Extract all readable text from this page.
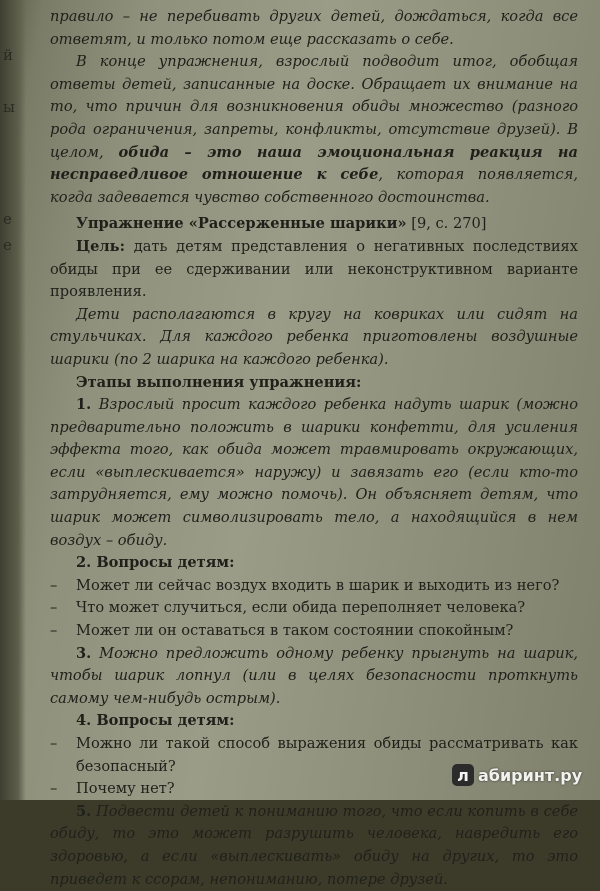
й
ы
е
е

правило – не перебивать других детей, дождаться, когда все ответят, и только потом еще рассказать о себе.

В конце упражнения, взрослый подводит итог, обобщая ответы детей, записанные на доске. Обращает их внимание на то, что причин для возникновения обиды множество (разного рода ограничения, запреты, конфликты, отсутствие друзей). В целом, обида – это наша эмоциональная реакция на несправедливое отношение к себе, которая появляется, когда задевается чувство собственного достоинства.

Упражнение «Рассерженные шарики» [9, с. 270]

Цель: дать детям представления о негативных последствиях обиды при ее сдерживании или неконструктивном варианте проявления.

Дети располагаются в кругу на ковриках или сидят на стульчиках. Для каждого ребенка приготовлены воздушные шарики (по 2 шарика на каждого ребенка).

Этапы выполнения упражнения:

1. Взрослый просит каждого ребенка надуть шарик (можно предварительно положить в шарики конфетти, для усиления эффекта того, как обида может травмировать окружающих, если «выплескивается» наружу) и завязать его (если кто-то затрудняется, ему можно помочь). Он объясняет детям, что шарик может символизировать тело, а находящийся в нем воздух – обиду.

2. Вопросы детям:

–	Может ли сейчас воздух входить в шарик и выходить из него?
–	Что может случиться, если обида переполняет человека?
–	Может ли он оставаться в таком состоянии спокойным?

3. Можно предложить одному ребенку прыгнуть на шарик, чтобы шарик лопнул (или в целях безопасности проткнуть самому чем-нибудь острым).

4. Вопросы детям:

–	Можно ли такой способ выражения обиды рассматривать как безопасный?
–	Почему нет?

5. Подвести детей к пониманию того, что если копить в себе обиду, то это может разрушить человека, навредить его здоровью, а если «выплескивать» обиду на других, то это приведет к ссорам, непониманию, потере друзей.

л абиринт.ру
